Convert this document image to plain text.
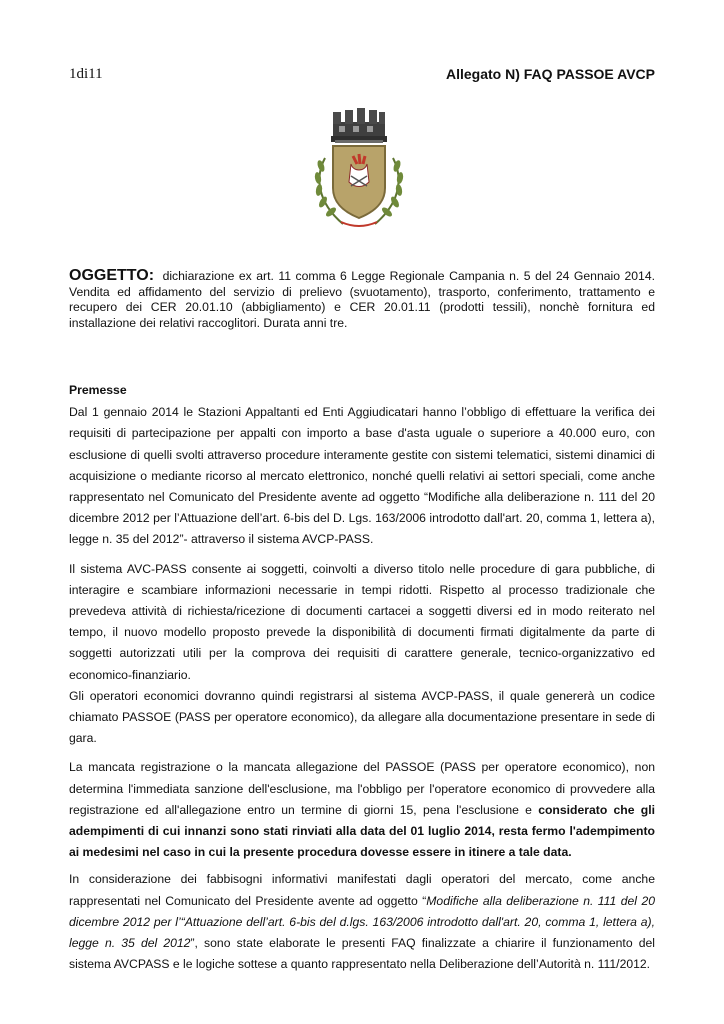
1di11	Allegato N) FAQ PASSOE AVCP
OGGETTO: dichiarazione ex art. 11 comma 6 Legge Regionale Campania n. 5 del 24 Gennaio 2014. Vendita ed affidamento del servizio di prelievo (svuotamento), trasporto, conferimento, trattamento e recupero dei CER 20.01.10 (abbigliamento) e CER 20.01.11 (prodotti tessili), nonchè fornitura ed installazione dei relativi raccoglitori. Durata anni tre.

Premesse

Dal 1 gennaio 2014 le Stazioni Appaltanti ed Enti Aggiudicatari hanno l’obbligo di effettuare la verifica dei requisiti di partecipazione per appalti con importo a base d'asta uguale o superiore a 40.000 euro, con esclusione di quelli svolti attraverso procedure interamente gestite con sistemi telematici, sistemi dinamici di acquisizione o mediante ricorso al mercato elettronico, nonché quelli relativi ai settori speciali, come anche rappresentato nel Comunicato del Presidente avente ad oggetto “Modifiche alla deliberazione n. 111 del 20 dicembre 2012 per l’Attuazione dell’art. 6-bis del D. Lgs. 163/2006 introdotto dall'art. 20, comma 1, lettera a), legge n. 35 del 2012”- attraverso il sistema AVCP-PASS.

Il sistema AVC-PASS consente ai soggetti, coinvolti a diverso titolo nelle procedure di gara pubbliche, di interagire e scambiare informazioni necessarie in tempi ridotti. Rispetto al processo tradizionale che prevedeva attività di richiesta/ricezione di documenti cartacei a soggetti diversi ed in modo reiterato nel tempo, il nuovo modello proposto prevede la disponibilità di documenti firmati digitalmente da parte di soggetti autorizzati utili per la comprova dei requisiti di carattere generale, tecnico-organizzativo ed economico-finanziario.

Gli operatori economici dovranno quindi registrarsi al sistema AVCP-PASS, il quale genererà un codice chiamato PASSOE (PASS per operatore economico), da allegare alla documentazione presentare in sede di gara.

La mancata registrazione o la mancata allegazione del PASSOE (PASS per operatore economico), non determina l'immediata sanzione dell'esclusione, ma l'obbligo per l'operatore economico di provvedere alla registrazione ed all'allegazione entro un termine di giorni 15, pena l'esclusione e considerato che gli adempimenti di cui innanzi sono stati rinviati alla data del 01 luglio 2014, resta fermo l'adempimento ai medesimi nel caso in cui la presente procedura dovesse essere in itinere a tale data.

In considerazione dei fabbisogni informativi manifestati dagli operatori del mercato, come anche rappresentati nel Comunicato del Presidente avente ad oggetto “Modifiche alla deliberazione n. 111 del 20 dicembre 2012 per l’“Attuazione dell’art. 6-bis del d.lgs. 163/2006 introdotto dall'art. 20, comma 1, lettera a), legge n. 35 del 2012”, sono state elaborate le presenti FAQ finalizzate a chiarire il funzionamento del sistema AVCPASS e le logiche sottese a quanto rappresentato nella Deliberazione dell’Autorità n. 111/2012.
